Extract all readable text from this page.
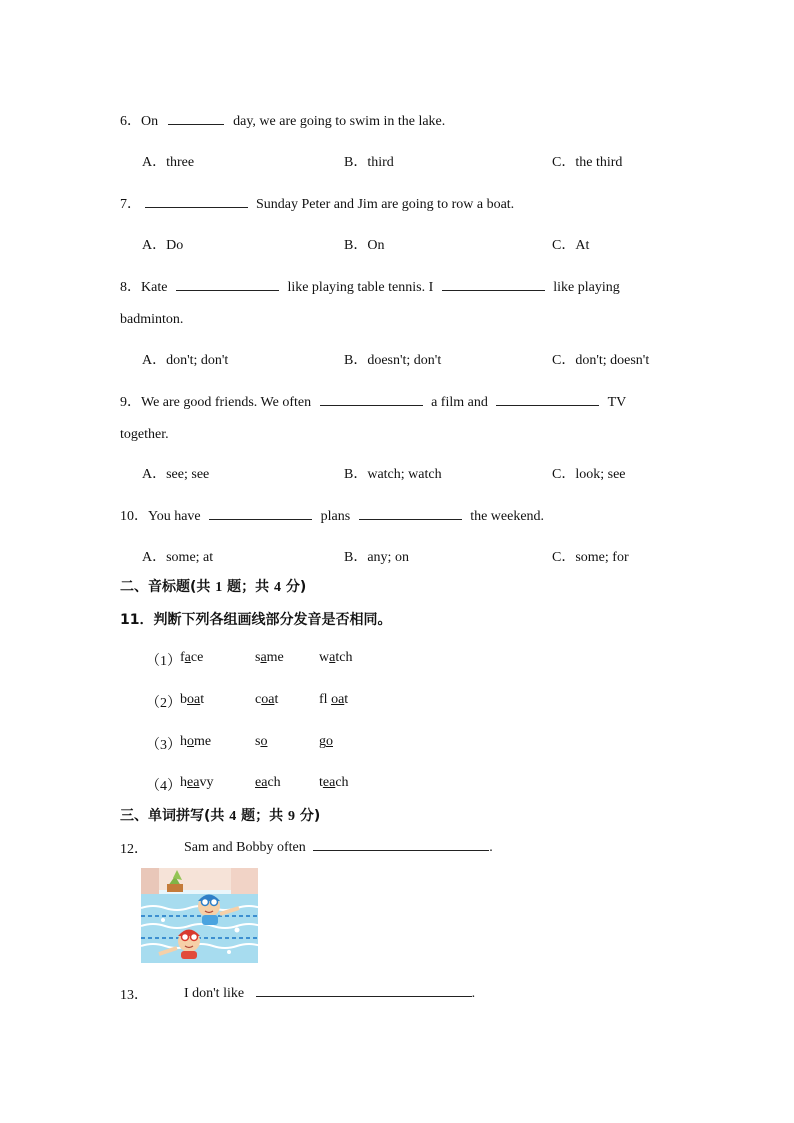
6．On	day, we are going to swim in the lake.
A．three	B．third	C．the third
7．	Sunday Peter and Jim are going to row a boat.
A．Do	B．On	C．At
8．Kate	like playing table tennis. I	like playing
badminton.
A．don't; don't	B．doesn't; don't	C．don't; doesn't
9．We are good friends. We often	a film and	TV
together.
A．see; see	B．watch; watch	C．look; see
10．You have	plans	the weekend.
A．some; at	B．any; on	C．some; for
二、音标题(共 1 题；共 4 分)
11．判断下列各组画线部分发音是否相同。
（1） face	same	watch
（2） boat	coat	fl oat
（3） home	so	go
（4） heavy	each	teach
三、单词拼写(共 4 题；共 9 分)
12．	Sam and Bobby often	.
13．	I don't like	.
